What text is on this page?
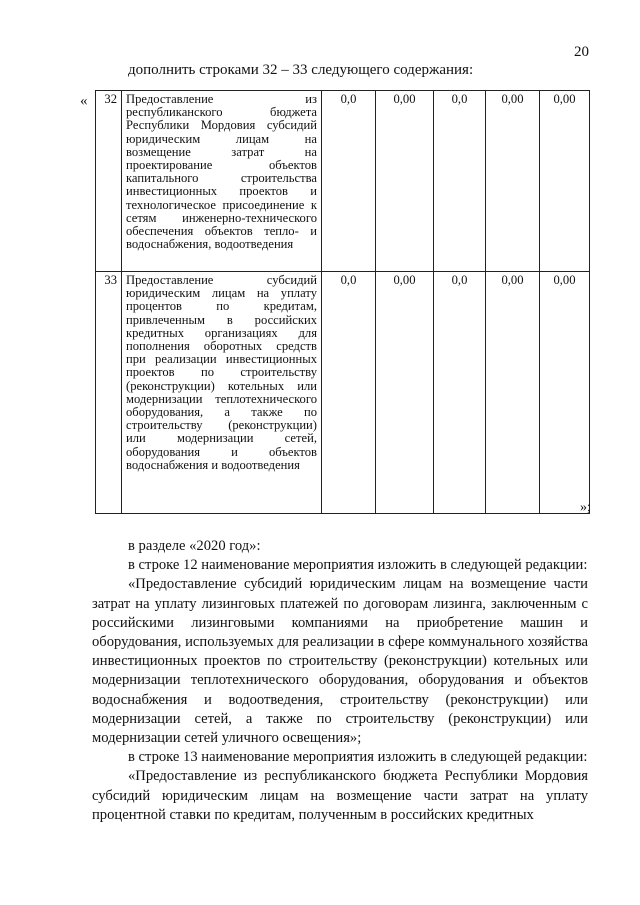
20
дополнить строками 32 – 33 следующего содержания:
« 32	Предоставление из республиканского бюджета Республики Мордовия субсидий юридическим лицам на возмещение затрат на проектирование объектов капитального строительства инвестиционных проектов и технологическое присоединение к сетям инженерно-технического обеспечения объектов тепло- и водоснабжения, водоотведения	0,0	0,00	0,0	0,00	0,00
33	Предоставление субсидий юридическим лицам на уплату процентов по кредитам, привлеченным в российских кредитных организациях для пополнения оборотных средств при реализации инвестиционных проектов по строительству (реконструкции) котельных или модернизации теплотехнического оборудования, а также по строительству (реконструкции) или модернизации сетей, оборудования и объектов водоснабжения и водоотведения	0,0	0,00	0,0	0,00	0,00
»;

в разделе «2020 год»:

в строке 12 наименование мероприятия изложить в следующей редакции:

«Предоставление субсидий юридическим лицам на возмещение части затрат на уплату лизинговых платежей по договорам лизинга, заключенным с российскими лизинговыми компаниями на приобретение машин и оборудования, используемых для реализации в сфере коммунального хозяйства инвестиционных проектов по строительству (реконструкции) котельных или модернизации теплотехнического оборудования, оборудования и объектов водоснабжения и водоотведения, строительству (реконструкции) или модернизации сетей, а также по строительству (реконструкции) или модернизации сетей уличного освещения»;

в строке 13 наименование мероприятия изложить в следующей редакции:

«Предоставление из республиканского бюджета Республики Мордовия субсидий юридическим лицам на возмещение части затрат на уплату процентной ставки по кредитам, полученным в российских кредитных
